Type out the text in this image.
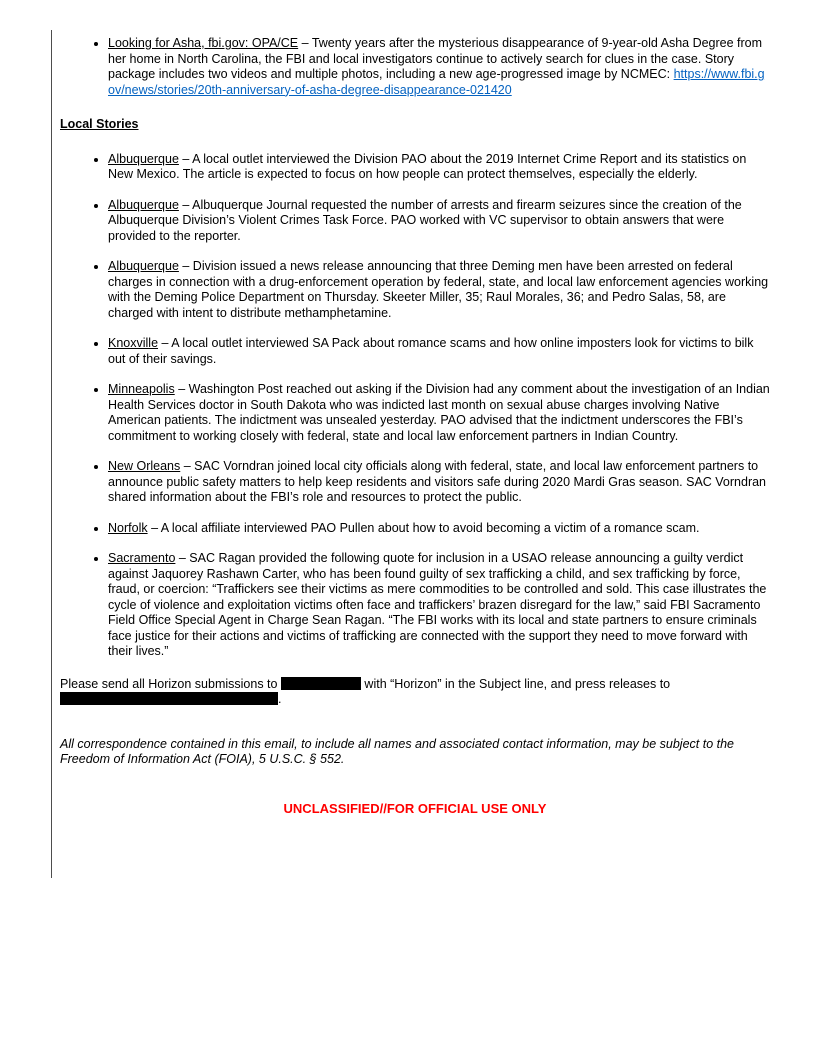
• Looking for Asha, fbi.gov: OPA/CE – Twenty years after the mysterious disappearance of 9-year-old Asha Degree from her home in North Carolina, the FBI and local investigators continue to actively search for clues in the case. Story package includes two videos and multiple photos, including a new age-progressed image by NCMEC: https://www.fbi.gov/news/stories/20th-anniversary-of-asha-degree-disappearance-021420
Local Stories
• Albuquerque – A local outlet interviewed the Division PAO about the 2019 Internet Crime Report and its statistics on New Mexico. The article is expected to focus on how people can protect themselves, especially the elderly.
• Albuquerque – Albuquerque Journal requested the number of arrests and firearm seizures since the creation of the Albuquerque Division’s Violent Crimes Task Force. PAO worked with VC supervisor to obtain answers that were provided to the reporter.
• Albuquerque – Division issued a news release announcing that three Deming men have been arrested on federal charges in connection with a drug-enforcement operation by federal, state, and local law enforcement agencies working with the Deming Police Department on Thursday. Skeeter Miller, 35; Raul Morales, 36; and Pedro Salas, 58, are charged with intent to distribute methamphetamine.
• Knoxville – A local outlet interviewed SA Pack about romance scams and how online imposters look for victims to bilk out of their savings.
• Minneapolis – Washington Post reached out asking if the Division had any comment about the investigation of an Indian Health Services doctor in South Dakota who was indicted last month on sexual abuse charges involving Native American patients. The indictment was unsealed yesterday. PAO advised that the indictment underscores the FBI’s commitment to working closely with federal, state and local law enforcement partners in Indian Country.
• New Orleans – SAC Vorndran joined local city officials along with federal, state, and local law enforcement partners to announce public safety matters to help keep residents and visitors safe during 2020 Mardi Gras season. SAC Vorndran shared information about the FBI’s role and resources to protect the public.
• Norfolk – A local affiliate interviewed PAO Pullen about how to avoid becoming a victim of a romance scam.
• Sacramento – SAC Ragan provided the following quote for inclusion in a USAO release announcing a guilty verdict against Jaquorey Rashawn Carter, who has been found guilty of sex trafficking a child, and sex trafficking by force, fraud, or coercion: “Traffickers see their victims as mere commodities to be controlled and sold. This case illustrates the cycle of violence and exploitation victims often face and traffickers’ brazen disregard for the law,” said FBI Sacramento Field Office Special Agent in Charge Sean Ragan. “The FBI works with its local and state partners to ensure criminals face justice for their actions and victims of trafficking are connected with the support they need to move forward with their lives.”

Please send all Horizon submissions to	with “Horizon” in the Subject line, and press releases to .

All correspondence contained in this email, to include all names and associated contact information, may be subject to the Freedom of Information Act (FOIA), 5 U.S.C. § 552.

UNCLASSIFIED//FOR OFFICIAL USE ONLY
